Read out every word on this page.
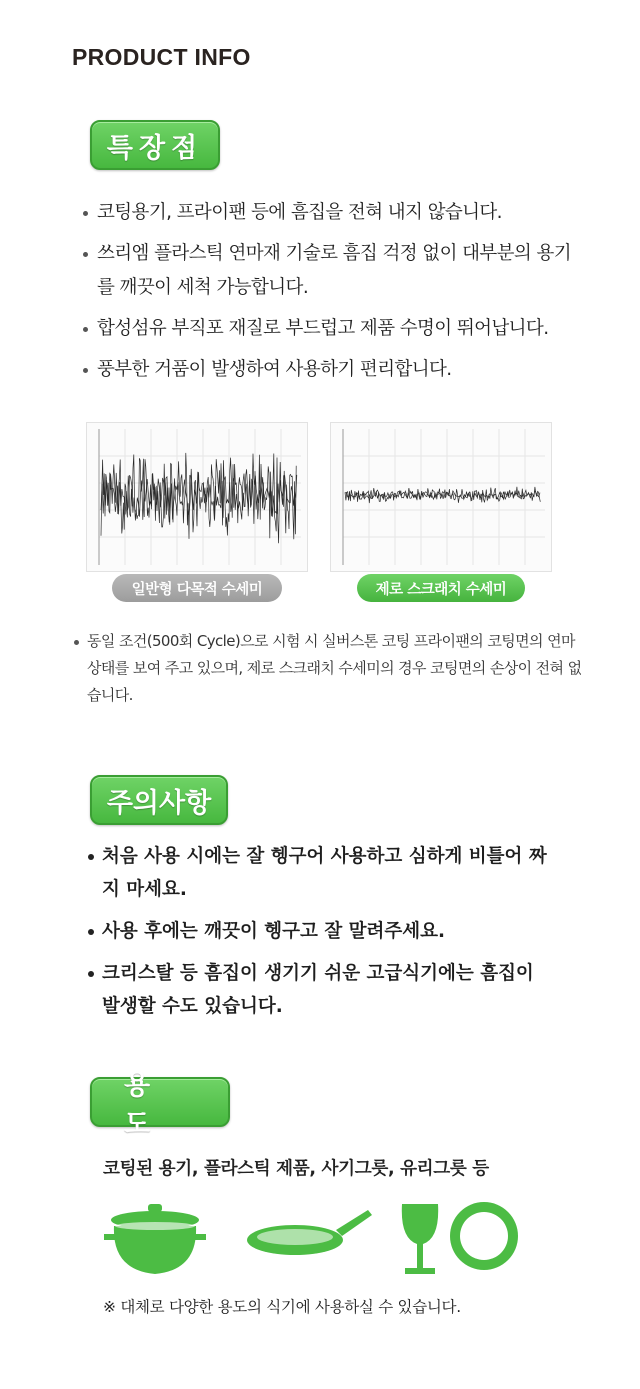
PRODUCT INFO
특장점
코팅용기, 프라이팬 등에 흠집을 전혀 내지 않습니다.
쓰리엠 플라스틱 연마재 기술로 흠집 걱정 없이 대부분의 용기를 깨끗이 세척 가능합니다.
합성섬유 부직포 재질로 부드럽고 제품 수명이 뛰어납니다.
풍부한 거품이 발생하여 사용하기 편리합니다.
일반형 다목적 수세미	제로 스크래치 수세미

동일 조건(500회 Cycle)으로 시험 시 실버스톤 코팅 프라이팬의 코팅면의 연마 상태를 보여 주고 있으며, 제로 스크래치 수세미의 경우 코팅면의 손상이 전혀 없습니다.

주의사항
처음 사용 시에는 잘 헹구어 사용하고 심하게 비틀어 짜지 마세요.
사용 후에는 깨끗이 헹구고 잘 말려주세요.
크리스탈 등 흠집이 생기기 쉬운 고급식기에는 흠집이 발생할 수도 있습니다.
용도
코팅된 용기, 플라스틱 제품, 사기그릇, 유리그릇 등
※ 대체로 다양한 용도의 식기에 사용하실 수 있습니다.
